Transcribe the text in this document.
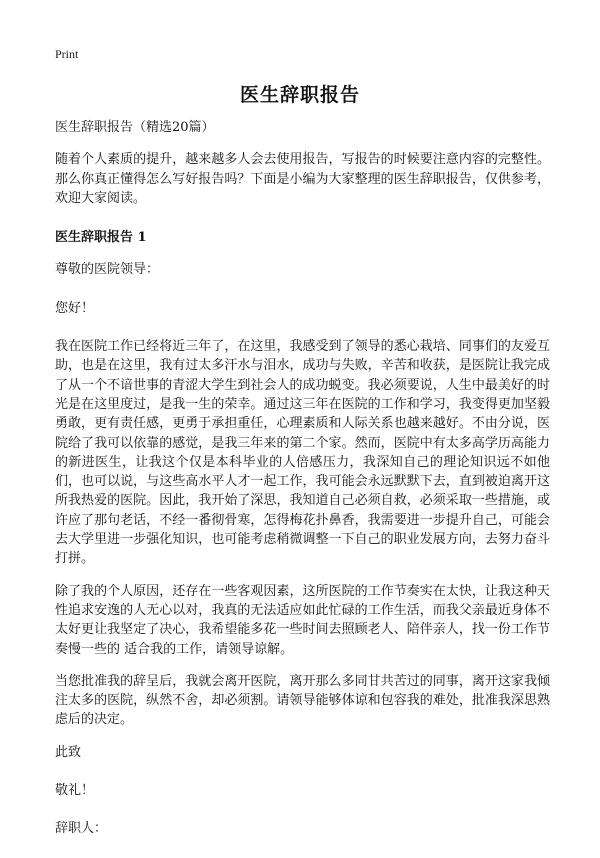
Print
医生辞职报告

医生辞职报告（精选20篇）

随着个人素质的提升，越来越多人会去使用报告，写报告的时候要注意内容的完整性。那么你真正懂得怎么写好报告吗？下面是小编为大家整理的医生辞职报告，仅供参考，欢迎大家阅读。

医生辞职报告 1

尊敬的医院领导：

您好！

我在医院工作已经将近三年了，在这里，我感受到了领导的悉心栽培、同事们的友爱互助，也是在这里，我有过太多汗水与泪水，成功与失败，辛苦和收获，是医院让我完成了从一个不谙世事的青涩大学生到社会人的成功蜕变。我必须要说，人生中最美好的时光是在这里度过，是我一生的荣幸。通过这三年在医院的工作和学习，我变得更加坚毅勇敢，更有责任感，更勇于承担重任，心理素质和人际关系也越来越好。不由分说，医院给了我可以依靠的感觉，是我三年来的第二个家。然而，医院中有太多高学历高能力的新进医生，让我这个仅是本科毕业的人倍感压力，我深知自己的理论知识远不如他们，也可以说，与这些高水平人才一起工作，我可能会永远默默下去，直到被迫离开这所我热爱的医院。因此，我开始了深思，我知道自己必须自救，必须采取一些措施，或许应了那句老话，不经一番彻骨寒，怎得梅花扑鼻香，我需要进一步提升自己，可能会去大学里进一步强化知识，也可能考虑稍微调整一下自己的职业发展方向，去努力奋斗打拼。

除了我的个人原因，还存在一些客观因素，这所医院的工作节奏实在太快，让我这种天性追求安逸的人无心以对，我真的无法适应如此忙碌的工作生活，而我父亲最近身体不太好更让我坚定了决心，我希望能多花一些时间去照顾老人、陪伴亲人，找一份工作节奏慢一些的 适合我的工作，请领导谅解。

当您批准我的辞呈后，我就会离开医院，离开那么多同甘共苦过的同事，离开这家我倾注太多的医院，纵然不舍，却必须割。请领导能够体谅和包容我的难处，批准我深思熟虑后的决定。

此致

敬礼！

辞职人：
